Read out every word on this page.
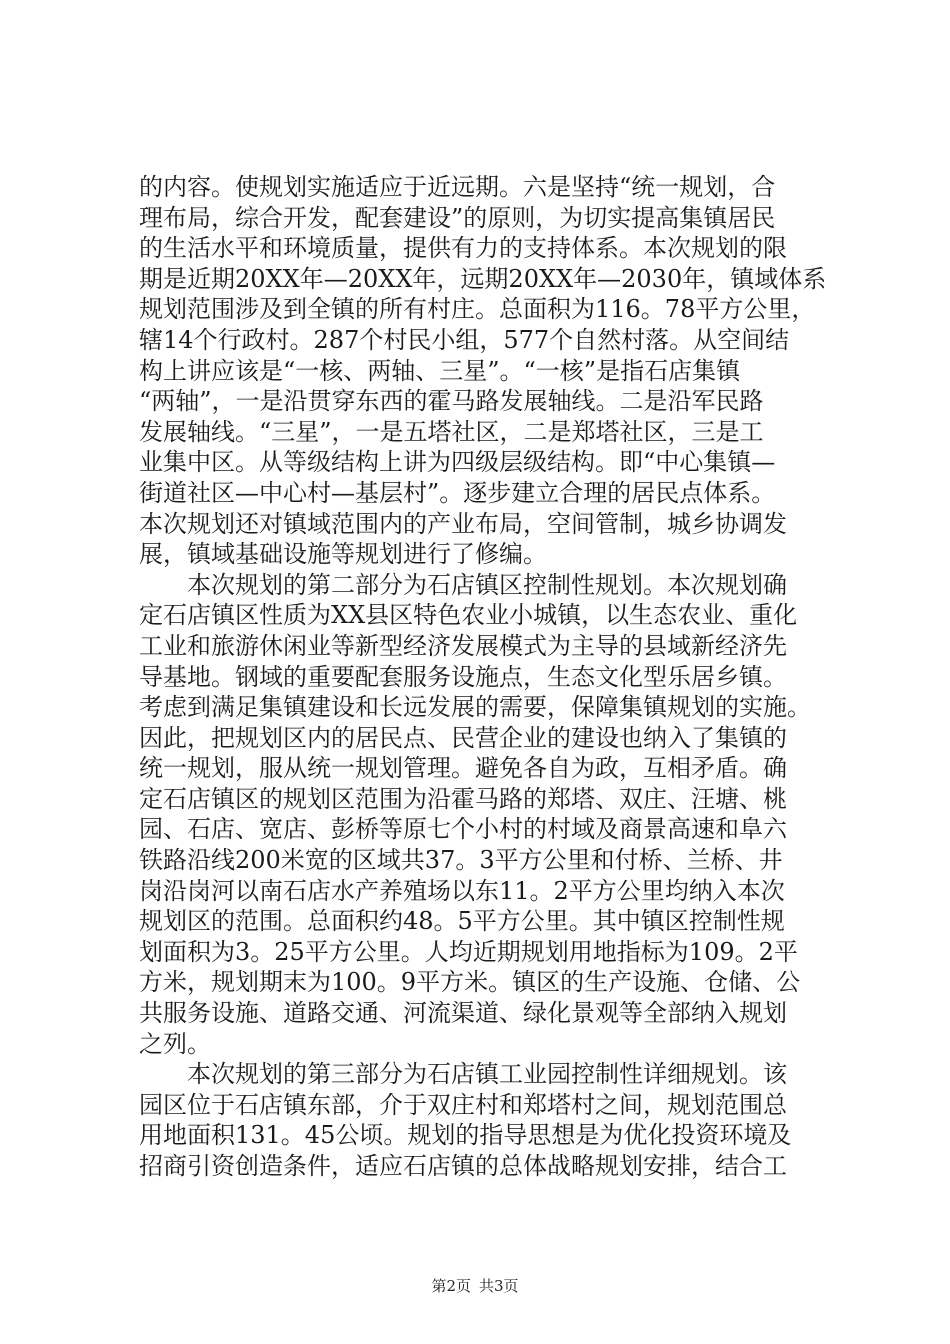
的内容。使规划实施适应于近远期。六是坚持“统一规划，合
理布局，综合开发，配套建设”的原则，为切实提高集镇居民
的生活水平和环境质量，提供有力的支持体系。本次规划的限
期是近期20XX年—20XX年，远期20XX年—2030年，镇域体系
规划范围涉及到全镇的所有村庄。总面积为116。78平方公里，
辖14个行政村。287个村民小组，577个自然村落。从空间结
构上讲应该是“一核、两轴、三星”。“一核”是指石店集镇
“两轴”，一是沿贯穿东西的霍马路发展轴线。二是沿军民路
发展轴线。“三星”，一是五塔社区，二是郑塔社区，三是工
业集中区。从等级结构上讲为四级层级结构。即“中心集镇—
街道社区—中心村—基层村”。逐步建立合理的居民点体系。
本次规划还对镇域范围内的产业布局，空间管制，城乡协调发
展，镇域基础设施等规划进行了修编。
本次规划的第二部分为石店镇区控制性规划。本次规划确
定石店镇区性质为XX县区特色农业小城镇，以生态农业、重化
工业和旅游休闲业等新型经济发展模式为主导的县域新经济先
导基地。钢域的重要配套服务设施点，生态文化型乐居乡镇。
考虑到满足集镇建设和长远发展的需要，保障集镇规划的实施。
因此，把规划区内的居民点、民营企业的建设也纳入了集镇的
统一规划，服从统一规划管理。避免各自为政，互相矛盾。确
定石店镇区的规划区范围为沿霍马路的郑塔、双庄、汪塘、桃
园、石店、宽店、彭桥等原七个小村的村域及商景高速和阜六
铁路沿线200米宽的区域共37。3平方公里和付桥、兰桥、井
岗沿岗河以南石店水产养殖场以东11。2平方公里均纳入本次
规划区的范围。总面积约48。5平方公里。其中镇区控制性规
划面积为3。25平方公里。人均近期规划用地指标为109。2平
方米，规划期末为100。9平方米。镇区的生产设施、仓储、公
共服务设施、道路交通、河流渠道、绿化景观等全部纳入规划
之列。
本次规划的第三部分为石店镇工业园控制性详细规划。该
园区位于石店镇东部，介于双庄村和郑塔村之间，规划范围总
用地面积131。45公顷。规划的指导思想是为优化投资环境及
招商引资创造条件，适应石店镇的总体战略规划安排，结合工
第2页 共3页
